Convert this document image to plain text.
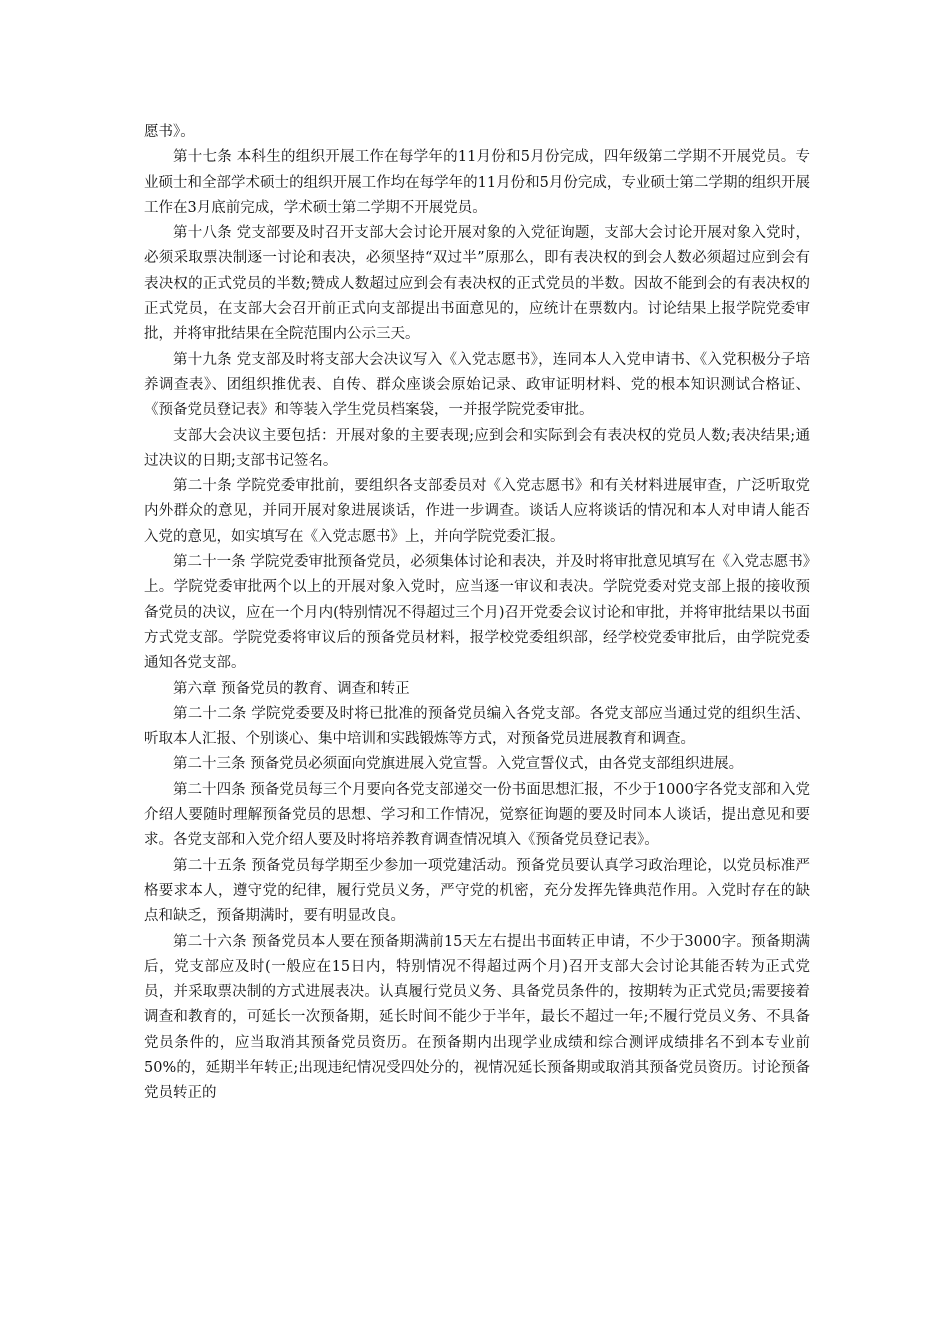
愿书》。

第十七条 本科生的组织开展工作在每学年的11月份和5月份完成，四年级第二学期不开展党员。专业硕士和全部学术硕士的组织开展工作均在每学年的11月份和5月份完成，专业硕士第二学期的组织开展工作在3月底前完成，学术硕士第二学期不开展党员。

第十八条 党支部要及时召开支部大会讨论开展对象的入党征询题，支部大会讨论开展对象入党时，必须采取票决制逐一讨论和表决，必须坚持“双过半”原那么，即有表决权的到会人数必须超过应到会有表决权的正式党员的半数;赞成人数超过应到会有表决权的正式党员的半数。因故不能到会的有表决权的正式党员，在支部大会召开前正式向支部提出书面意见的，应统计在票数内。讨论结果上报学院党委审批，并将审批结果在全院范围内公示三天。

第十九条 党支部及时将支部大会决议写入《入党志愿书》，连同本人入党申请书、《入党积极分子培养调查表》、团组织推优表、自传、群众座谈会原始记录、政审证明材料、党的根本知识测试合格证、《预备党员登记表》和等装入学生党员档案袋，一并报学院党委审批。

支部大会决议主要包括：开展对象的主要表现;应到会和实际到会有表决权的党员人数;表决结果;通过决议的日期;支部书记签名。

第二十条 学院党委审批前，要组织各支部委员对《入党志愿书》和有关材料进展审查，广泛听取党内外群众的意见，并同开展对象进展谈话，作进一步调查。谈话人应将谈话的情况和本人对申请人能否入党的意见，如实填写在《入党志愿书》上，并向学院党委汇报。

第二十一条 学院党委审批预备党员，必须集体讨论和表决，并及时将审批意见填写在《入党志愿书》上。学院党委审批两个以上的开展对象入党时，应当逐一审议和表决。学院党委对党支部上报的接收预备党员的决议，应在一个月内(特别情况不得超过三个月)召开党委会议讨论和审批，并将审批结果以书面方式党支部。学院党委将审议后的预备党员材料，报学校党委组织部，经学校党委审批后，由学院党委通知各党支部。

第六章 预备党员的教育、调查和转正

第二十二条 学院党委要及时将已批准的预备党员编入各党支部。各党支部应当通过党的组织生活、听取本人汇报、个别谈心、集中培训和实践锻炼等方式，对预备党员进展教育和调查。

第二十三条 预备党员必须面向党旗进展入党宣誓。入党宣誓仪式，由各党支部组织进展。

第二十四条 预备党员每三个月要向各党支部递交一份书面思想汇报，不少于1000字各党支部和入党介绍人要随时理解预备党员的思想、学习和工作情况，觉察征询题的要及时同本人谈话，提出意见和要求。各党支部和入党介绍人要及时将培养教育调查情况填入《预备党员登记表》。

第二十五条 预备党员每学期至少参加一项党建活动。预备党员要认真学习政治理论，以党员标准严格要求本人，遵守党的纪律，履行党员义务，严守党的机密，充分发挥先锋典范作用。入党时存在的缺点和缺乏，预备期满时，要有明显改良。

第二十六条 预备党员本人要在预备期满前15天左右提出书面转正申请，不少于3000字。预备期满后，党支部应及时(一般应在15日内，特别情况不得超过两个月)召开支部大会讨论其能否转为正式党员，并采取票决制的方式进展表决。认真履行党员义务、具备党员条件的，按期转为正式党员;需要接着调查和教育的，可延长一次预备期，延长时间不能少于半年，最长不超过一年;不履行党员义务、不具备党员条件的，应当取消其预备党员资历。在预备期内出现学业成绩和综合测评成绩排名不到本专业前50%的，延期半年转正;出现违纪情况受四处分的，视情况延长预备期或取消其预备党员资历。讨论预备党员转正的
